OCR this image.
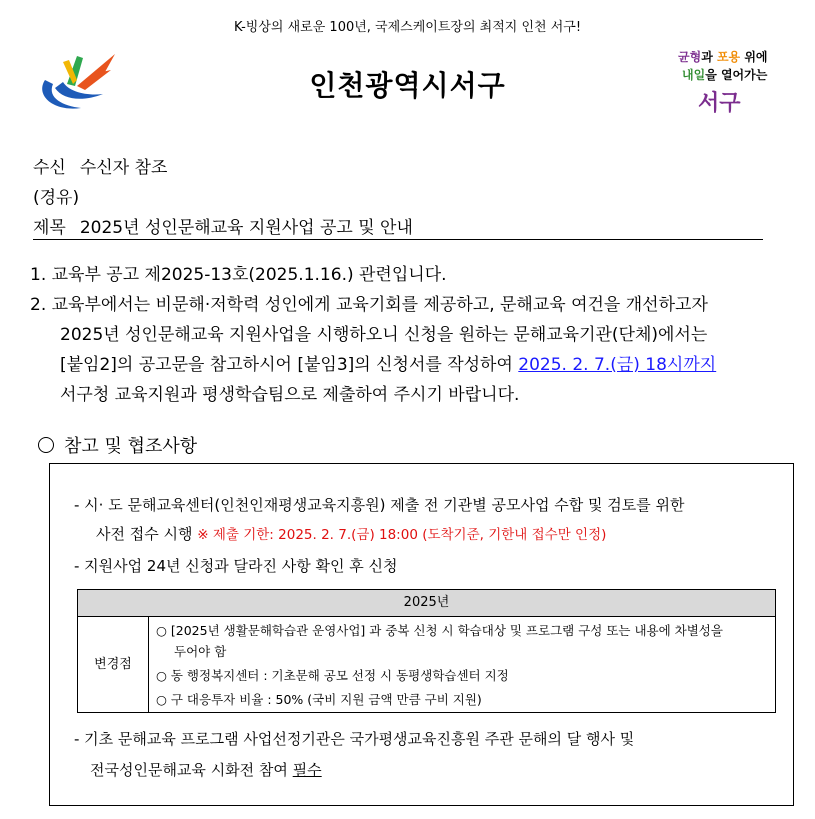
K-빙상의 새로운 100년, 국제스케이트장의 최적지 인천 서구!
인천광역시서구
균형과 포용 위에
내일을 열어가는
서구
수신 수신자 참조
(경유)
제목 2025년 성인문해교육 지원사업 공고 및 안내
1. 교육부 공고 제2025-13호(2025.1.16.) 관련입니다.
2. 교육부에서는 비문해·저학력 성인에게 교육기회를 제공하고, 문해교육 여건을 개선하고자
2025년 성인문해교육 지원사업을 시행하오니 신청을 원하는 문해교육기관(단체)에서는
[붙임2]의 공고문을 참고하시어 [붙임3]의 신청서를 작성하여 2025. 2. 7.(금) 18시까지
서구청 교육지원과 평생학습팀으로 제출하여 주시기 바랍니다.
참고 및 협조사항
- 시· 도 문해교육센터(인천인재평생교육지흥원) 제출 전 기관별 공모사업 수합 및 검토를 위한
사전 접수 시행 ※ 제출 기한: 2025. 2. 7.(금) 18:00 (도착기준, 기한내 접수만 인정)
- 지원사업 24년 신청과 달라진 사항 확인 후 신청
2025년
변경점
○ [2025년 생활문해학습관 운영사업] 과 중복 신청 시 학습대상 및 프로그램 구성 또는 내용에 차별성을
두어야 함
○ 동 행정복지센터 : 기초문해 공모 선정 시 동평생학습센터 지정
○ 구 대응투자 비율 : 50% (국비 지원 금액 만큼 구비 지원)
- 기초 문해교육 프로그램 사업선정기관은 국가평생교육진흥원 주관 문해의 달 행사 및
전국성인문해교육 시화전 참여 필수
